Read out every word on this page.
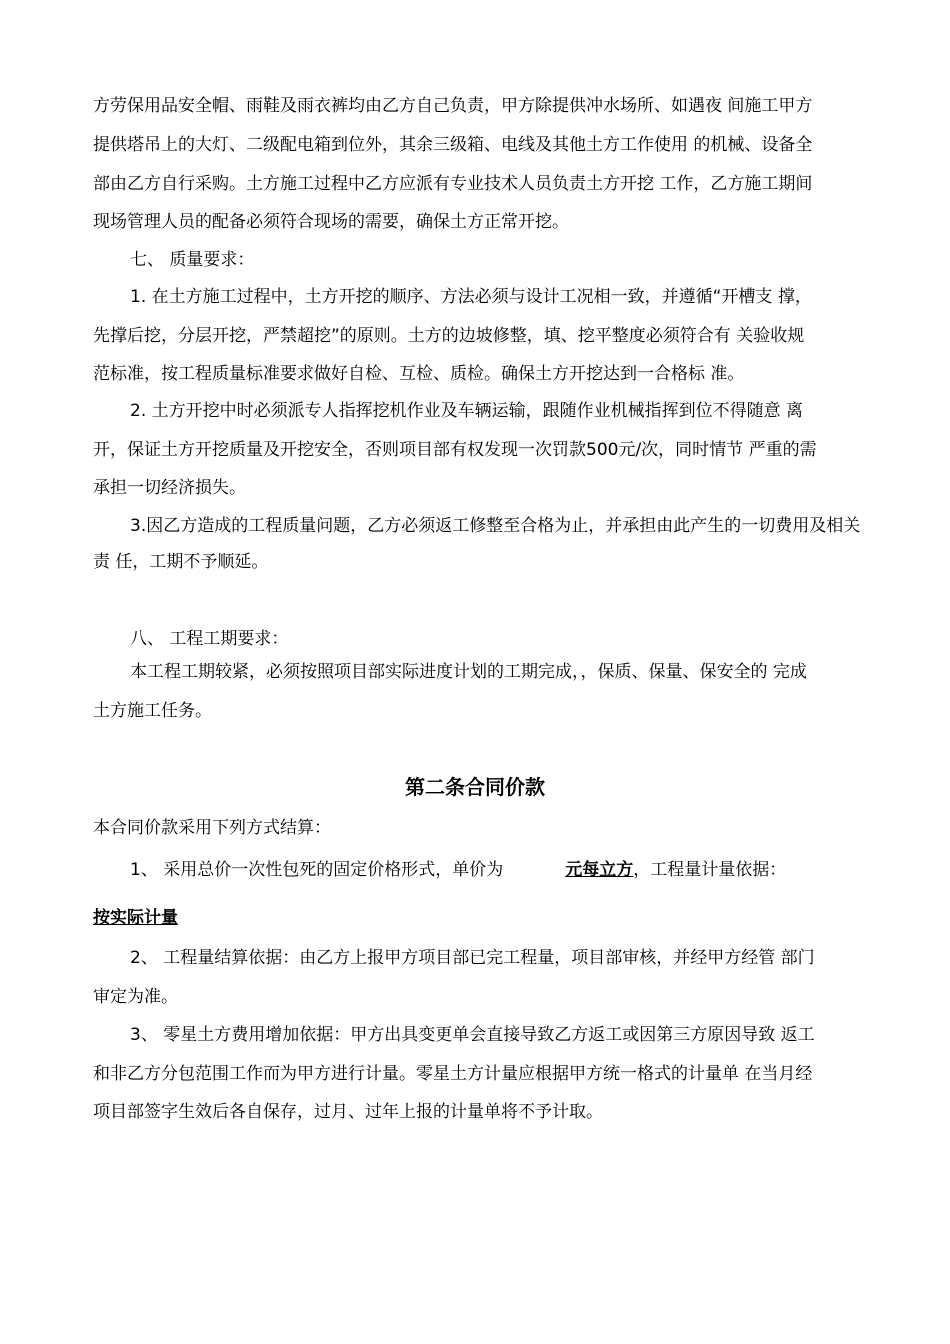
方劳保用品安全帽、雨鞋及雨衣裤均由乙方自己负责，甲方除提供冲水场所、如遇夜 间施工甲方
提供塔吊上的大灯、二级配电箱到位外，其余三级箱、电线及其他土方工作使用 的机械、设备全
部由乙方自行采购。土方施工过程中乙方应派有专业技术人员负责土方开挖 工作，乙方施工期间
现场管理人员的配备必须符合现场的需要，确保土方正常开挖。
七、 质量要求：
1. 在土方施工过程中，土方开挖的顺序、方法必须与设计工况相一致，并遵循“开槽支 撑，
先撑后挖，分层开挖，严禁超挖”的原则。土方的边坡修整，填、挖平整度必须符合有 关验收规
范标准，按工程质量标准要求做好自检、互检、质检。确保土方开挖达到一合格标 准。
2. 土方开挖中时必须派专人指挥挖机作业及车辆运输，跟随作业机械指挥到位不得随意 离
开，保证土方开挖质量及开挖安全，否则项目部有权发现一次罚款500元/次，同时情节 严重的需
承担一切经济损失。
3.因乙方造成的工程质量问题，乙方必须返工修整至合格为止，并承担由此产生的一切费用及相关
责 任，工期不予顺延。
八、 工程工期要求：
本工程工期较紧，必须按照项目部实际进度计划的工期完成，，保质、保量、保安全的 完成
土方施工任务。
第二条合同价款
本合同价款采用下列方式结算：
1、 采用总价一次性包死的固定价格形式，单价为	元每立方，工程量计量依据：
按实际计量
2、 工程量结算依据：由乙方上报甲方项目部已完工程量，项目部审核，并经甲方经管 部门
审定为准。
3、 零星土方费用增加依据：甲方出具变更单会直接导致乙方返工或因第三方原因导致 返工
和非乙方分包范围工作而为甲方进行计量。零星土方计量应根据甲方统一格式的计量单 在当月经
项目部签字生效后各自保存，过月、过年上报的计量单将不予计取。
